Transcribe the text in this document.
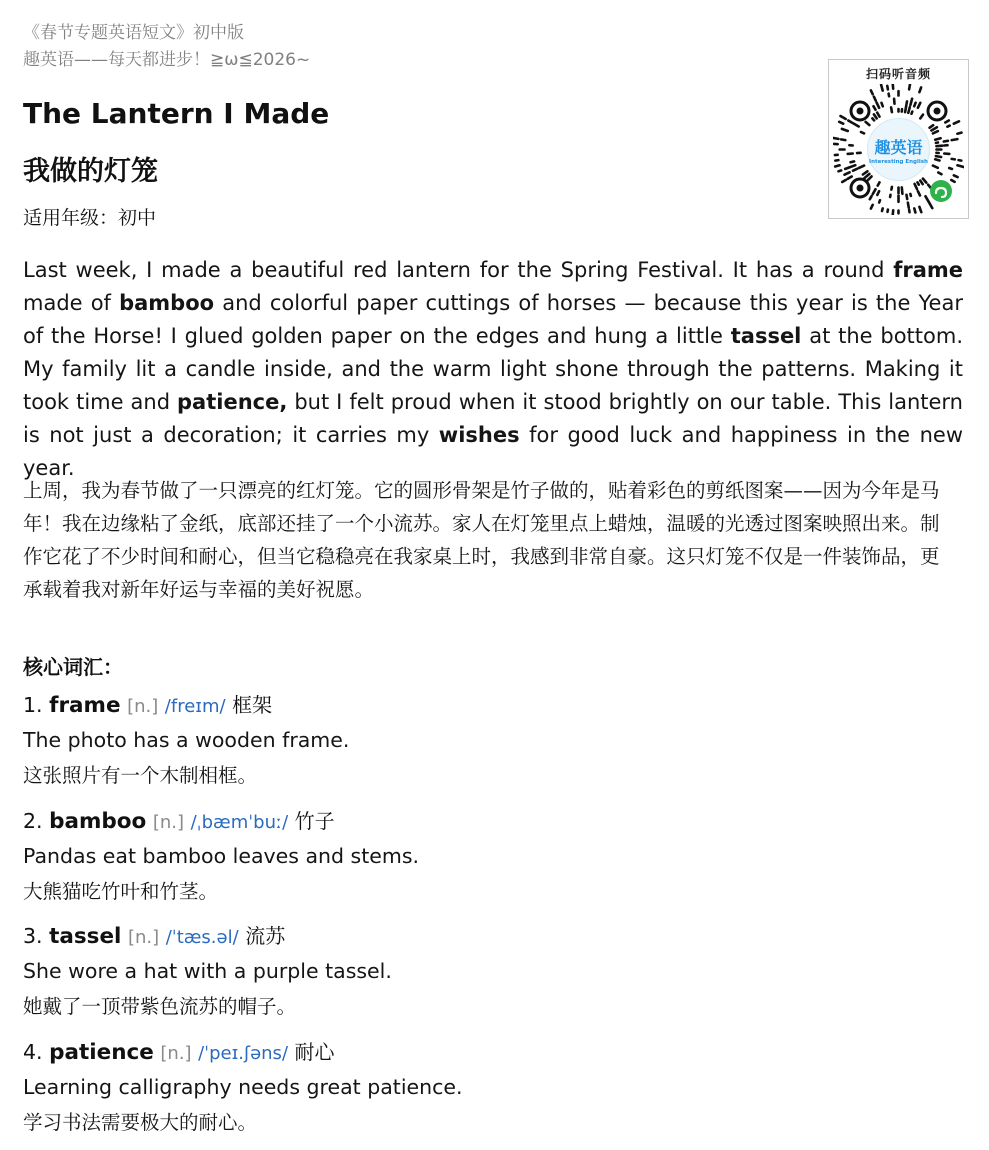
《春节专题英语短文》初中版
趣英语——每天都进步！≧ω≦2026~
The Lantern I Made
我做的灯笼
适用年级：初中
扫码听音频
趣英语
Interesting English
Last week, I made a beautiful red lantern for the Spring Festival. It has a round frame made of bamboo and colorful paper cuttings of horses — because this year is the Year of the Horse! I glued golden paper on the edges and hung a little tassel at the bottom. My family lit a candle inside, and the warm light shone through the patterns. Making it took time and patience, but I felt proud when it stood brightly on our table. This lantern is not just a decoration; it carries my wishes for good luck and happiness in the new year.
上周，我为春节做了一只漂亮的红灯笼。它的圆形骨架是竹子做的，贴着彩色的剪纸图案——因为今年是马年！我在边缘粘了金纸，底部还挂了一个小流苏。家人在灯笼里点上蜡烛，温暖的光透过图案映照出来。制作它花了不少时间和耐心，但当它稳稳亮在我家桌上时，我感到非常自豪。这只灯笼不仅是一件装饰品，更承载着我对新年好运与幸福的美好祝愿。
核心词汇：
1. frame [n.] /freɪm/ 框架
The photo has a wooden frame.
这张照片有一个木制相框。
2. bamboo [n.] /ˌbæmˈbuː/ 竹子
Pandas eat bamboo leaves and stems.
大熊猫吃竹叶和竹茎。
3. tassel [n.] /ˈtæs.əl/ 流苏
She wore a hat with a purple tassel.
她戴了一顶带紫色流苏的帽子。
4. patience [n.] /ˈpeɪ.ʃəns/ 耐心
Learning calligraphy needs great patience.
学习书法需要极大的耐心。
